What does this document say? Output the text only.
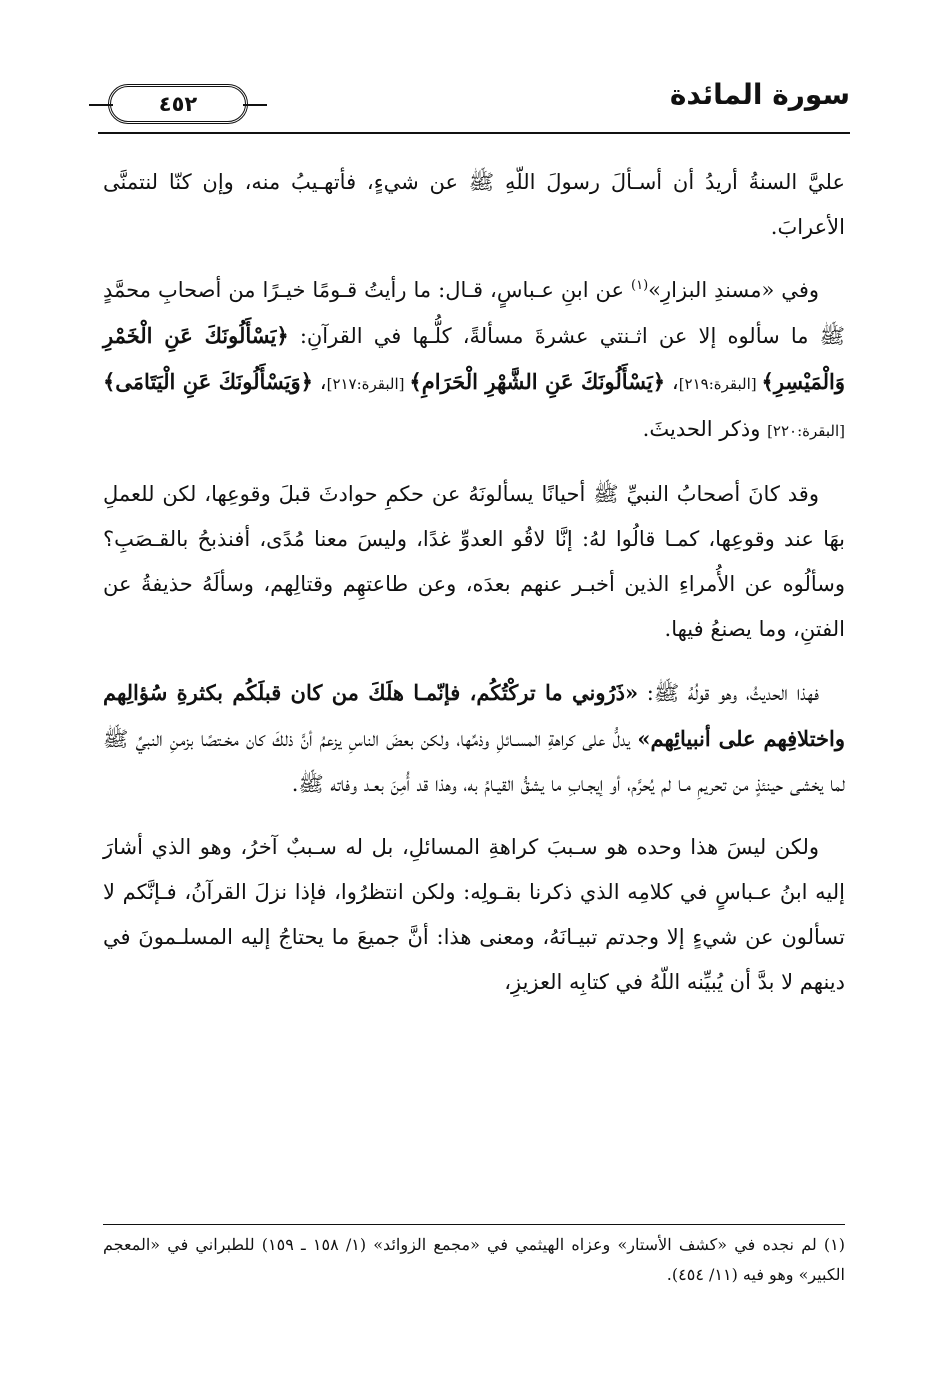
٤٥٢	سورة المائدة

عليَّ السنةُ أريدُ أن أسـألَ رسولَ اللّهِ ﷺ عن شيءٍ، فأتهـيبُ منه، وإن كنّا لنتمنَّى الأعرابَ.

وفي «مسندِ البزارِ»$^{(١)}$ عن ابنِ عـباسٍ، قـال: ما رأيتُ قـومًا خيـرًا من أصحابِ محمَّدٍ ﷺ ما سألوه إلا عن اثـنتي عشرةَ مسألةً، كلُّـها في القرآنِ: ﴿يَسْأَلُونَكَ عَنِ الْخَمْرِ وَالْمَيْسِرِ﴾ [البقرة:٢١٩]، ﴿يَسْأَلُونَكَ عَنِ الشَّهْرِ الْحَرَامِ﴾ [البقرة:٢١٧]، ﴿وَيَسْأَلُونَكَ عَنِ الْيَتَامَى﴾ [البقرة:٢٢٠] وذكر الحديثَ.

وقد كانَ أصحابُ النبيِّ ﷺ أحيانًا يسألونَهُ عن حكمِ حوادثَ قبلَ وقوعِها، لكن للعملِ بهَا عند وقوعِها، كمـا قالُوا لهُ: إنَّا لاقُو العدوِّ غدًا، وليسَ معنا مُدًى، أفنذبحُ بالقـصَبِ؟ وسألُوه عن الأُمراءِ الذين أخبـر عنهم بعدَه، وعن طاعتهِم وقتالِهم، وسألَهُ حذيفةُ عن الفتنِ، وما يصنعُ فيها.

فهذا الحديثُ، وهو قولُهُ ﷺ: «ذَرُوني ما تركْتُكُم، فإنّمـا هلَكَ من كان قبلَكُم بكثرةِ سُؤالِهم واختلافِهم على أنبيائِهم» يدلُّ على كراهةِ المسـائلِ وذمِّها، ولكن بعضَ الناسِ يزعمُ أنَّ ذلكَ كان مخـتصًا بزمنِ النبيِّ ﷺ لما يخشى حينئذٍ من تحريمِ مـا لم يُحرَّم، أو إيجـابِ ما يشقُّ القيـامُ به، وهذا قد أُمِنَ بعـد وفاته ﷺ.

ولكن ليسَ هذا وحده هو سـببَ كراهةِ المسائلِ، بل له سـببٌ آخرُ، وهو الذي أشارَ إليه ابنُ عـباسٍ في كلامِه الذي ذكرنا بقـولِه: ولكن انتظرُوا، فإذا نزلَ القرآنُ، فـإنَّكم لا تسألون عن شيءٍ إلا وجدتم تبيـانَهُ، ومعنى هذا: أنَّ جميعَ ما يحتاجُ إليه المسلـمونَ في دينهم لا بدَّ أن يُبيِّنه اللّهُ في كتابِه العزيزِ،

(١) لم نجده في «كشف الأستار» وعزاه الهيثمي في «مجمع الزوائد» (١/ ١٥٨ ـ ١٥٩) للطبراني في «المعجم الكبير» وهو فيه (١١/ ٤٥٤).
